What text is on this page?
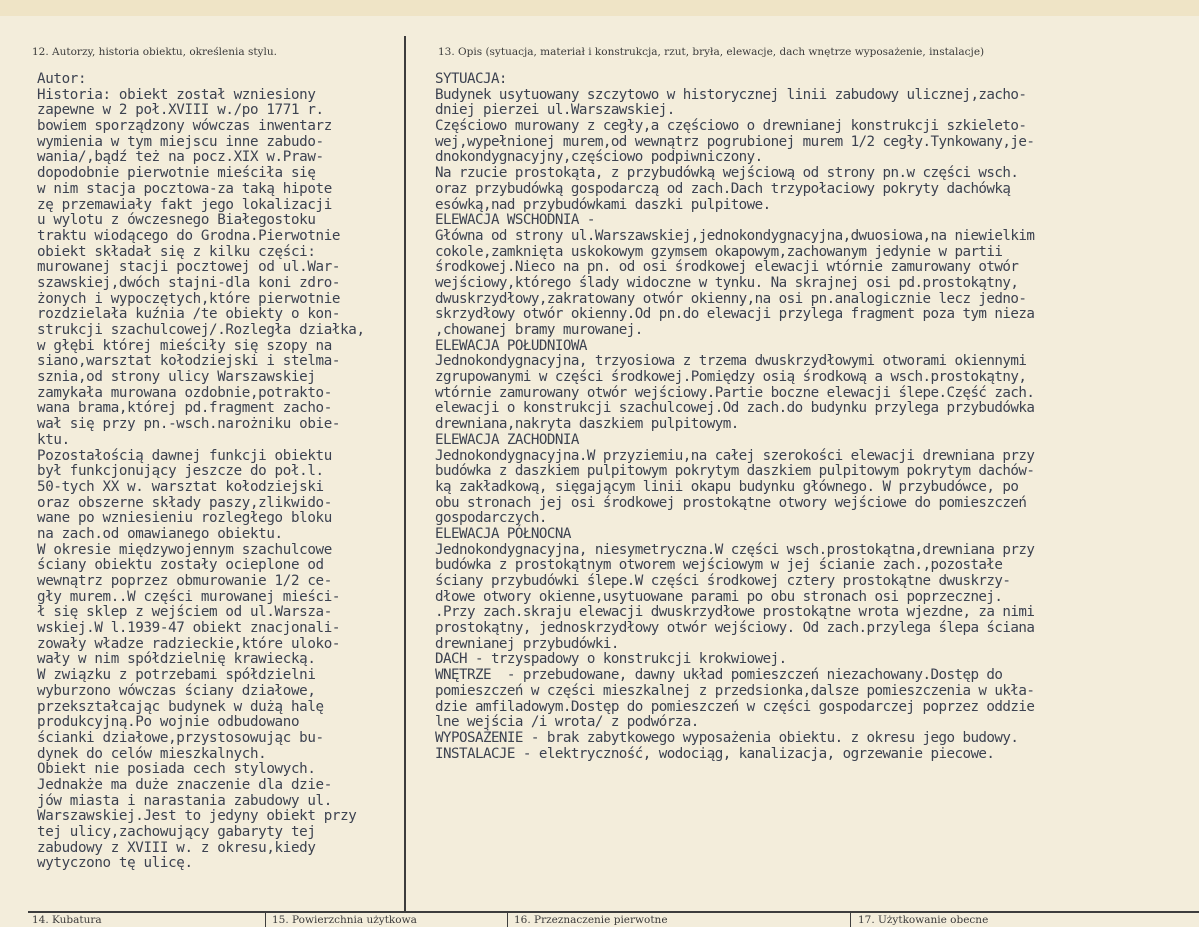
12. Autorzy, historia obiektu, określenia stylu.	13. Opis (sytuacja, materiał i konstrukcja, rzut, bryła, elewacje, dach wnętrze wyposażenie, instalacje)
14. Kubatura	15. Powierzchnia użytkowa	16. Przeznaczenie pierwotne	17. Użytkowanie obecne
Autor:
Historia: obiekt został wzniesiony
zapewne w 2 poł.XVIII w./po 1771 r.
bowiem sporządzony wówczas inwentarz
wymienia w tym miejscu inne zabudo-
wania/,bądź też na pocz.XIX w.Praw-
dopodobnie pierwotnie mieściła się
w nim stacja pocztowa-za taką hipote
zę przemawiały fakt jego lokalizacji
u wylotu z ówczesnego Białegostoku
traktu wiodącego do Grodna.Pierwotnie
obiekt składał się z kilku części:
murowanej stacji pocztowej od ul.War-
szawskiej,dwóch stajni-dla koni zdro-
żonych i wypoczętych,które pierwotnie
rozdzielała kuźnia /te obiekty o kon-
strukcji szachulcowej/.Rozległa działka,
w głębi której mieściły się szopy na
siano,warsztat kołodziejski i stelma-
sznia,od strony ulicy Warszawskiej
zamykała murowana ozdobnie,potrakto-
wana brama,której pd.fragment zacho-
wał się przy pn.-wsch.narożniku obie-
ktu.
Pozostałością dawnej funkcji obiektu
był funkcjonujący jeszcze do poł.l.
50-tych XX w. warsztat kołodziejski
oraz obszerne składy paszy,zlikwido-
wane po wzniesieniu rozległego bloku
na zach.od omawianego obiektu.
W okresie międzywojennym szachulcowe
ściany obiektu zostały ocieplone od
wewnątrz poprzez obmurowanie 1/2 ce-
gły murem..W części murowanej mieści-
ł się sklep z wejściem od ul.Warsza-
wskiej.W l.1939-47 obiekt znacjonali-
zowały władze radzieckie,które uloko-
wały w nim spółdzielnię krawiecką.
W związku z potrzebami spółdzielni
wyburzono wówczas ściany działowe,
przekształcając budynek w dużą halę
produkcyjną.Po wojnie odbudowano
ścianki działowe,przystosowując bu-
dynek do celów mieszkalnych.
Obiekt nie posiada cech stylowych.
Jednakże ma duże znaczenie dla dzie-
jów miasta i narastania zabudowy ul.
Warszawskiej.Jest to jedyny obiekt przy
tej ulicy,zachowujący gabaryty tej
zabudowy z XVIII w. z okresu,kiedy
wytyczono tę ulicę.
SYTUACJA:
Budynek usytuowany szczytowo w historycznej linii zabudowy ulicznej,zacho-
dniej pierzei ul.Warszawskiej.
Częściowo murowany z cegły,a częściowo o drewnianej konstrukcji szkieleto-
wej,wypełnionej murem,od wewnątrz pogrubionej murem 1/2 cegły.Tynkowany,je-
dnokondygnacyjny,częściowo podpiwniczony.
Na rzucie prostokąta, z przybudówką wejściową od strony pn.w części wsch.
oraz przybudówką gospodarczą od zach.Dach trzypołaciowy pokryty dachówką
esówką,nad przybudówkami daszki pulpitowe.
ELEWACJA WSCHODNIA -
Główna od strony ul.Warszawskiej,jednokondygnacyjna,dwuosiowa,na niewielkim
cokole,zamknięta uskokowym gzymsem okapowym,zachowanym jedynie w partii
środkowej.Nieco na pn. od osi środkowej elewacji wtórnie zamurowany otwór
wejściowy,którego ślady widoczne w tynku. Na skrajnej osi pd.prostokątny,
dwuskrzydłowy,zakratowany otwór okienny,na osi pn.analogicznie lecz jedno-
skrzydłowy otwór okienny.Od pn.do elewacji przylega fragment poza tym nieza
,chowanej bramy murowanej.
ELEWACJA POŁUDNIOWA
Jednokondygnacyjna, trzyosiowa z trzema dwuskrzydłowymi otworami okiennymi
zgrupowanymi w części środkowej.Pomiędzy osią środkową a wsch.prostokątny,
wtórnie zamurowany otwór wejściowy.Partie boczne elewacji ślepe.Część zach.
elewacji o konstrukcji szachulcowej.Od zach.do budynku przylega przybudówka
drewniana,nakryta daszkiem pulpitowym.
ELEWACJA ZACHODNIA
Jednokondygnacyjna.W przyziemiu,na całej szerokości elewacji drewniana przy
budówka z daszkiem pulpitowym pokrytym daszkiem pulpitowym pokrytym dachów-
ką zakładkową, sięgającym linii okapu budynku głównego. W przybudówce, po
obu stronach jej osi środkowej prostokątne otwory wejściowe do pomieszczeń
gospodarczych.
ELEWACJA PÓŁNOCNA
Jednokondygnacyjna, niesymetryczna.W części wsch.prostokątna,drewniana przy
budówka z prostokątnym otworem wejściowym w jej ścianie zach.,pozostałe
ściany przybudówki ślepe.W części środkowej cztery prostokątne dwuskrzy-
dłowe otwory okienne,usytuowane parami po obu stronach osi poprzecznej.
.Przy zach.skraju elewacji dwuskrzydłowe prostokątne wrota wjezdne, za nimi
prostokątny, jednoskrzydłowy otwór wejściowy. Od zach.przylega ślepa ściana
drewnianej przybudówki.
DACH - trzyspadowy o konstrukcji krokwiowej.
WNĘTRZE  - przebudowane, dawny układ pomieszczeń niezachowany.Dostęp do
pomieszczeń w części mieszkalnej z przedsionka,dalsze pomieszczenia w ukła-
dzie amfiladowym.Dostęp do pomieszczeń w części gospodarczej poprzez oddzie
lne wejścia /i wrota/ z podwórza.
WYPOSAŻENIE - brak zabytkowego wyposażenia obiektu. z okresu jego budowy.
INSTALACJE - elektryczność, wodociąg, kanalizacja, ogrzewanie piecowe.
